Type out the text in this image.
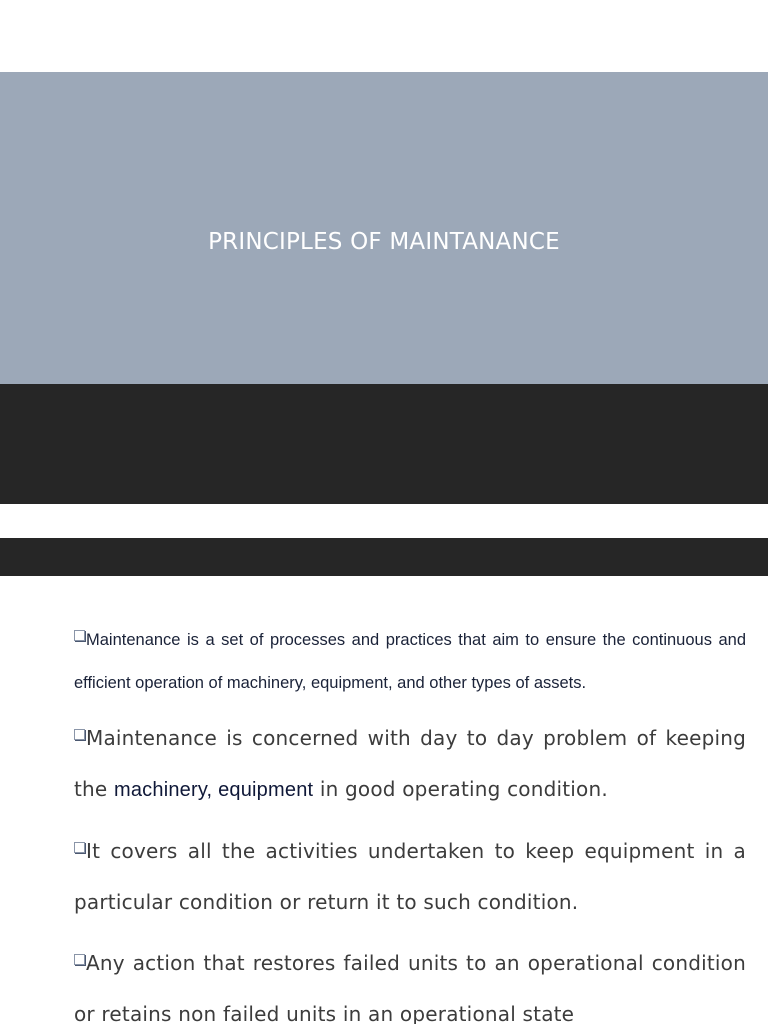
PRINCIPLES OF MAINTANANCE
Maintenance is a set of processes and practices that aim to ensure the continuous and efficient operation of machinery, equipment, and other types of assets.
Maintenance is concerned with day to day problem of keeping the machinery, equipment in good operating condition.
It covers all the activities undertaken to keep equipment in a particular condition or return it to such condition.
Any action that restores failed units to an operational condition or retains non failed units in an operational state
